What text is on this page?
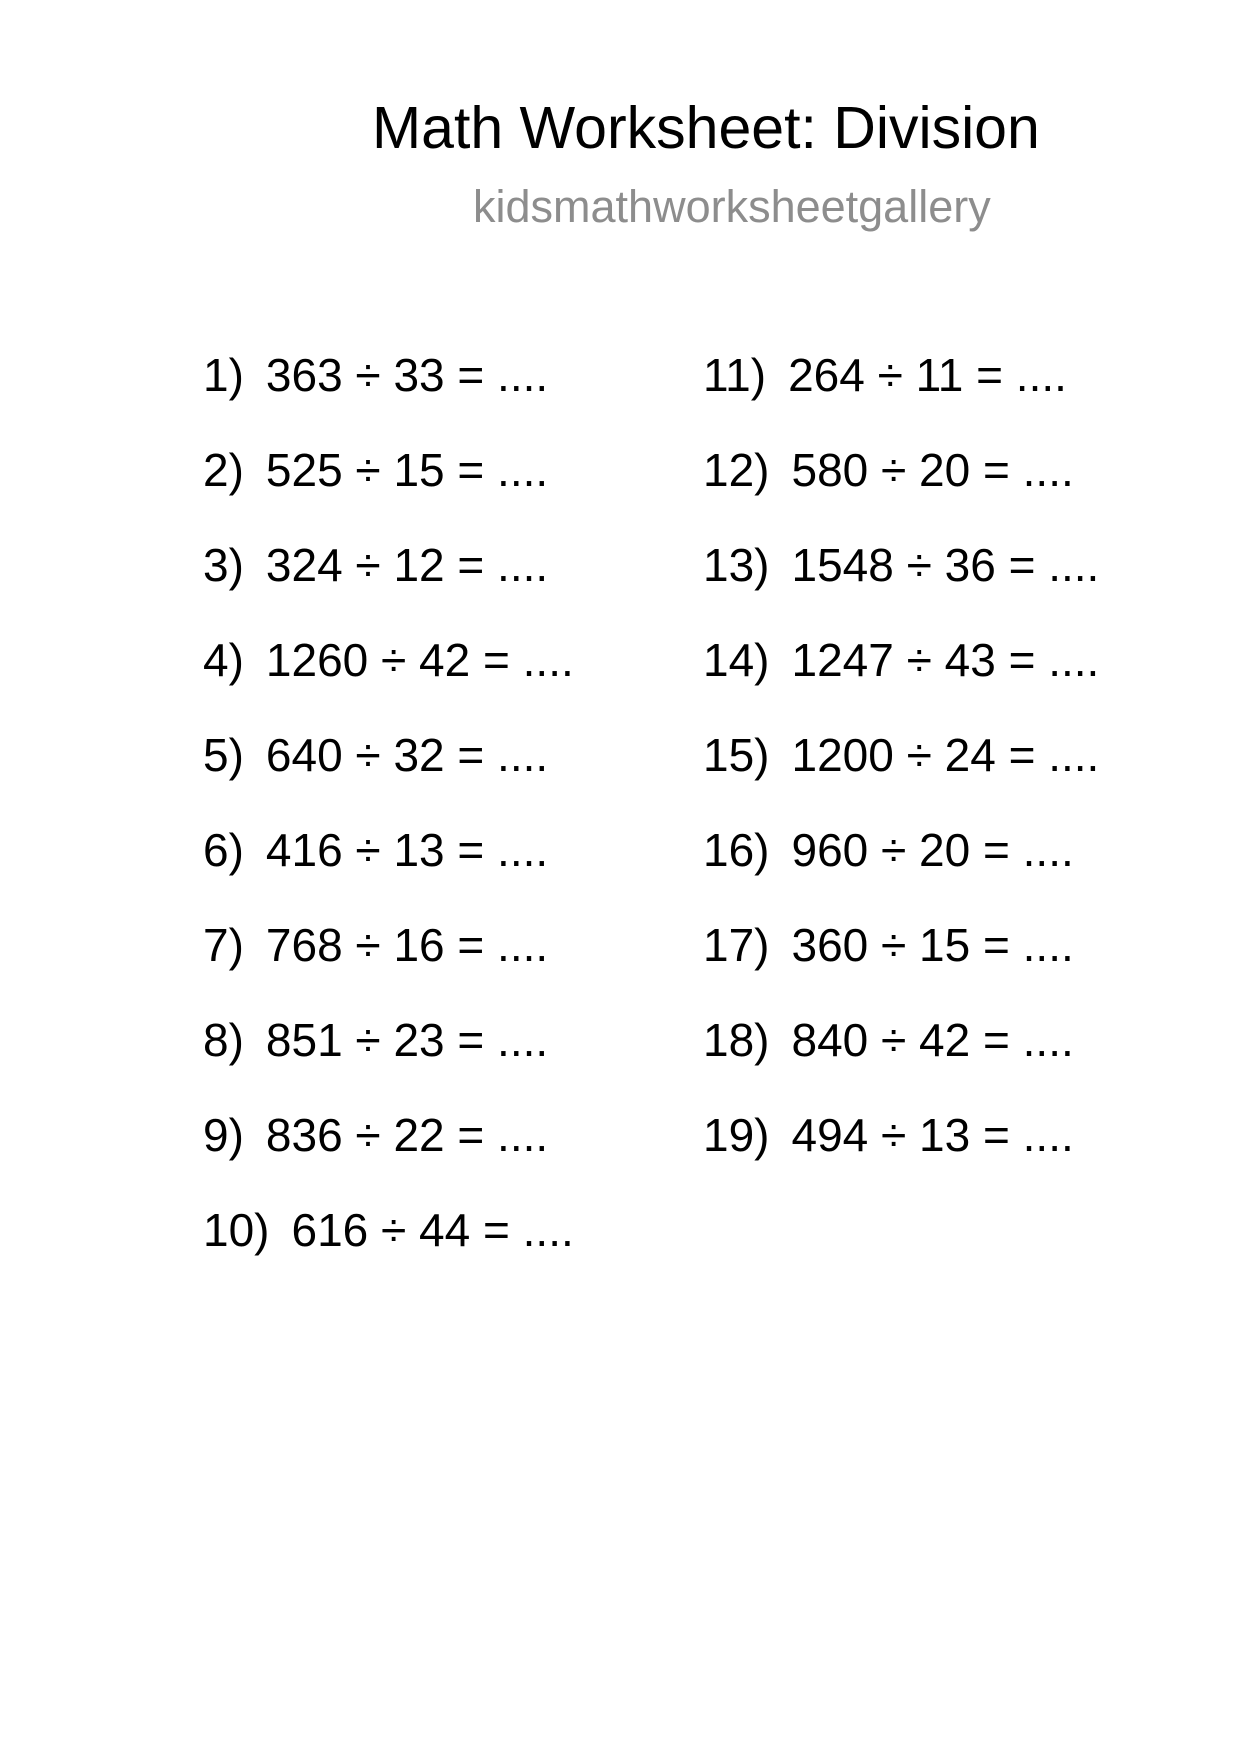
Math Worksheet: Division
kidsmathworksheetgallery
1) 363 ÷ 33 = ....
2) 525 ÷ 15 = ....
3) 324 ÷ 12 = ....
4) 1260 ÷ 42 = ....
5) 640 ÷ 32 = ....
6) 416 ÷ 13 = ....
7) 768 ÷ 16 = ....
8) 851 ÷ 23 = ....
9) 836 ÷ 22 = ....
10) 616 ÷ 44 = ....
11) 264 ÷ 11 = ....
12) 580 ÷ 20 = ....
13) 1548 ÷ 36 = ....
14) 1247 ÷ 43 = ....
15) 1200 ÷ 24 = ....
16) 960 ÷ 20 = ....
17) 360 ÷ 15 = ....
18) 840 ÷ 42 = ....
19) 494 ÷ 13 = ....
